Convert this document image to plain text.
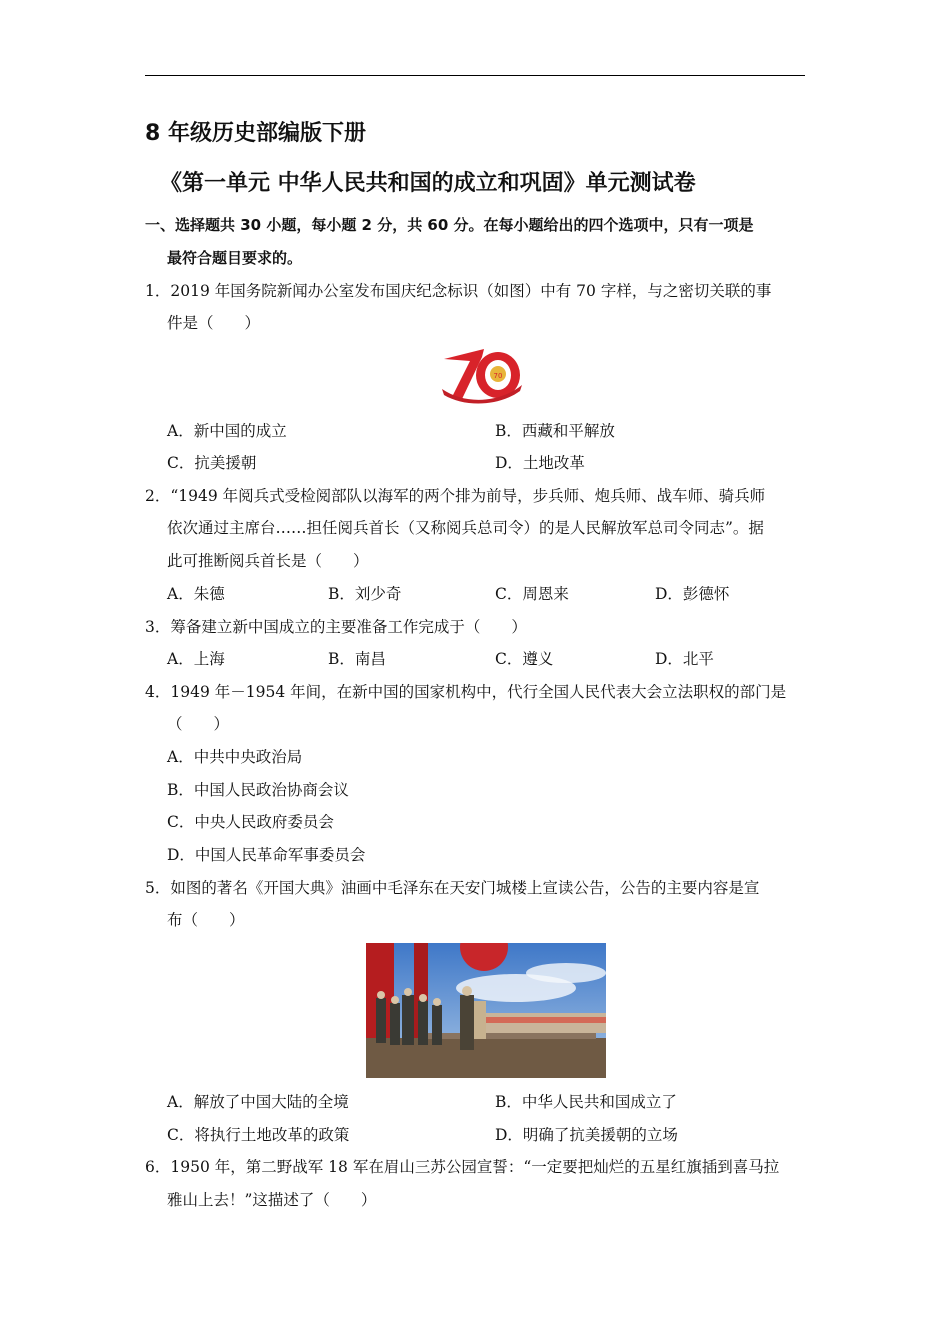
8 年级历史部编版下册
《第一单元 中华人民共和国的成立和巩固》单元测试卷
一、选择题共 30 小题，每小题 2 分，共 60 分。在每小题给出的四个选项中，只有一项是
最符合题目要求的。
1．2019 年国务院新闻办公室发布国庆纪念标识（如图）中有 70 字样，与之密切关联的事
件是（　　）
70
A．新中国的成立	B．西藏和平解放
C．抗美援朝	D．土地改革
2．“1949 年阅兵式受检阅部队以海军的两个排为前导，步兵师、炮兵师、战车师、骑兵师
依次通过主席台……担任阅兵首长（又称阅兵总司令）的是人民解放军总司令同志”。据
此可推断阅兵首长是（　　）
A．朱德	B．刘少奇	C．周恩来	D．彭德怀
3．筹备建立新中国成立的主要准备工作完成于（　　）
A．上海	B．南昌	C．遵义	D．北平
4．1949 年－1954 年间，在新中国的国家机构中，代行全国人民代表大会立法职权的部门是
（　　）
A．中共中央政治局
B．中国人民政治协商会议
C．中央人民政府委员会
D．中国人民革命军事委员会
5．如图的著名《开国大典》油画中毛泽东在天安门城楼上宣读公告，公告的主要内容是宣
布（　　）
A．解放了中国大陆的全境	B．中华人民共和国成立了
C．将执行土地改革的政策	D．明确了抗美援朝的立场
6．1950 年，第二野战军 18 军在眉山三苏公园宣誓：“一定要把灿烂的五星红旗插到喜马拉
雅山上去！”这描述了（　　）
